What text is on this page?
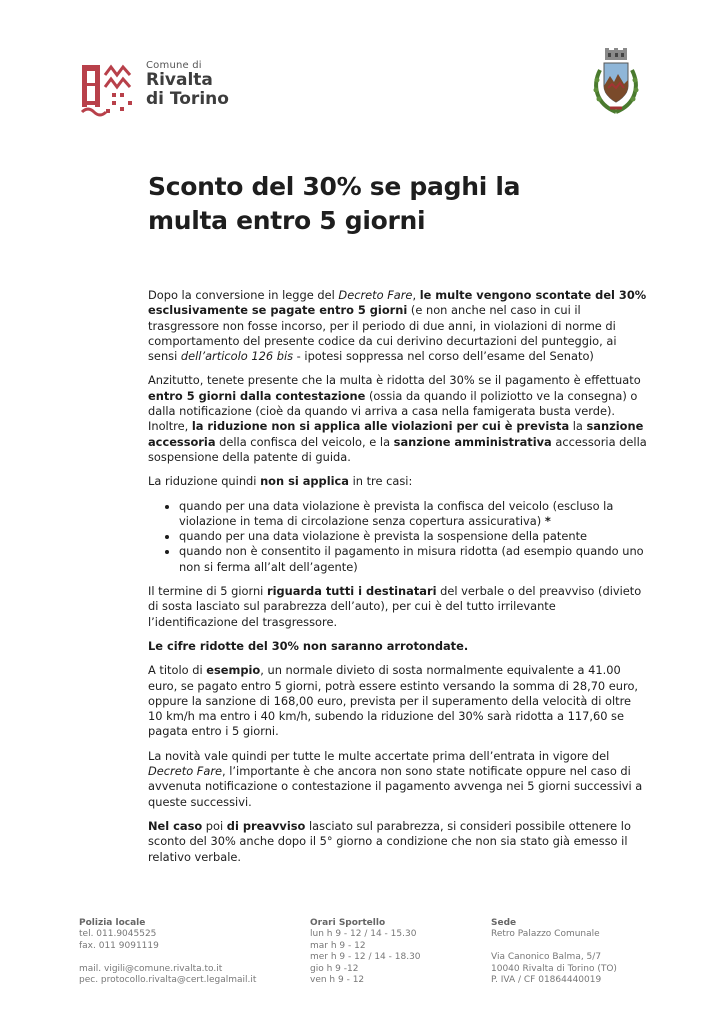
Comune di
Rivalta
di Torino
Sconto del 30% se paghi la
multa entro 5 giorni

Dopo la conversione in legge del Decreto Fare, le multe vengono scontate del 30% esclusivamente se pagate entro 5 giorni (e non anche nel caso in cui il trasgressore non fosse incorso, per il periodo di due anni, in violazioni di norme di comportamento del presente codice da cui derivino decurtazioni del punteggio, ai sensi dell’articolo 126 bis - ipotesi soppressa nel corso dell’esame del Senato)

Anzitutto, tenete presente che la multa è ridotta del 30% se il pagamento è effettuato entro 5 giorni dalla contestazione (ossia da quando il poliziotto ve la consegna) o dalla notificazione (cioè da quando vi arriva a casa nella famigerata busta verde). Inoltre, la riduzione non si applica alle violazioni per cui è prevista la sanzione accessoria della confisca del veicolo, e la sanzione amministrativa accessoria della sospensione della patente di guida.

La riduzione quindi non si applica in tre casi:

• quando per una data violazione è prevista la confisca del veicolo (escluso la violazione in tema di circolazione senza copertura assicurativa) *
• quando per una data violazione è prevista la sospensione della patente
• quando non è consentito il pagamento in misura ridotta (ad esempio quando uno non si ferma all’alt dell’agente)

Il termine di 5 giorni riguarda tutti i destinatari del verbale o del preavviso (divieto di sosta lasciato sul parabrezza dell’auto), per cui è del tutto irrilevante l’identificazione del trasgressore.

Le cifre ridotte del 30% non saranno arrotondate.

A titolo di esempio, un normale divieto di sosta normalmente equivalente a 41.00 euro, se pagato entro 5 giorni, potrà essere estinto versando la somma di 28,70 euro, oppure la sanzione di 168,00 euro, prevista per il superamento della velocità di oltre 10 km/h ma entro i 40 km/h, subendo la riduzione del 30% sarà ridotta a 117,60 se pagata entro i 5 giorni.

La novità vale quindi per tutte le multe accertate prima dell’entrata in vigore del Decreto Fare, l’importante è che ancora non sono state notificate oppure nel caso di avvenuta notificazione o contestazione il pagamento avvenga nei 5 giorni successivi a queste successivi.

Nel caso poi di preavviso lasciato sul parabrezza, si consideri possibile ottenere lo sconto del 30% anche dopo il 5° giorno a condizione che non sia stato già emesso il relativo verbale.

Polizia locale
tel. 011.9045525
fax. 011 9091119
mail. vigili@comune.rivalta.to.it
pec. protocollo.rivalta@cert.legalmail.it
Orari Sportello
lun h 9 - 12 / 14 - 15.30
mar h 9 - 12
mer h 9 - 12 / 14 - 18.30
gio h 9 -12
ven h 9 - 12
Sede
Retro Palazzo Comunale
Via Canonico Balma, 5/7
10040 Rivalta di Torino (TO)
P. IVA / CF 01864440019
